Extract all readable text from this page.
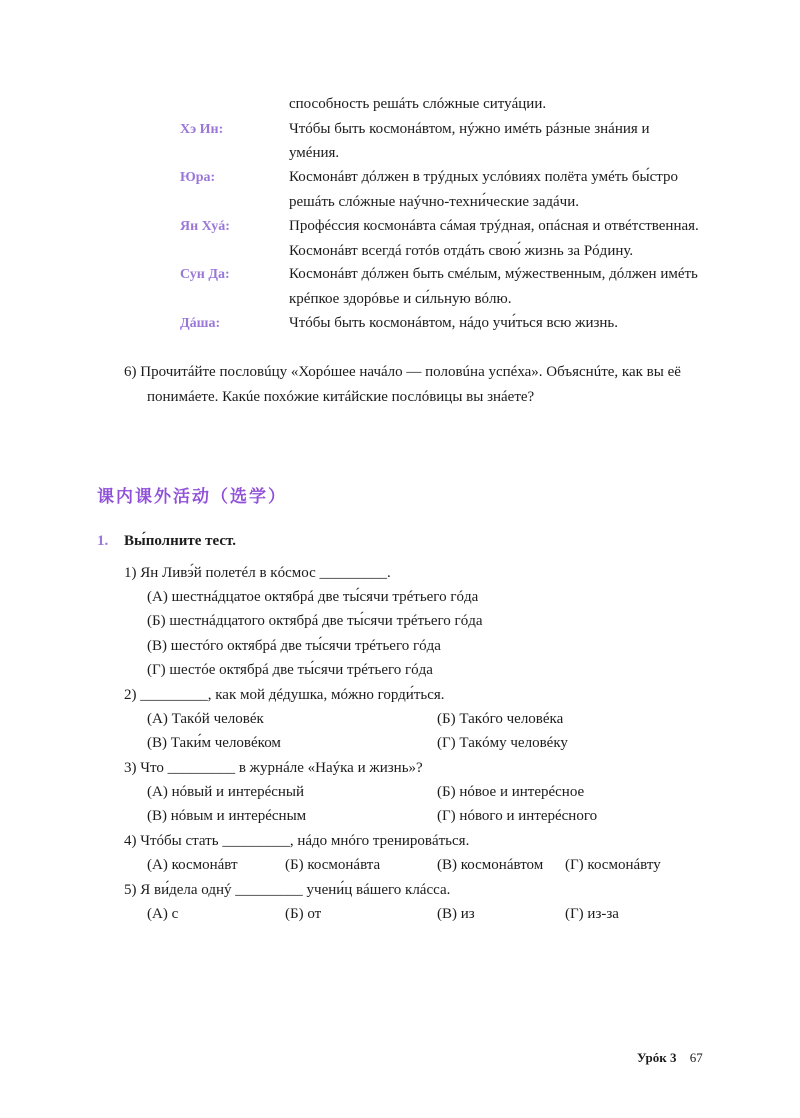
способность решáть слóжные ситуáции.
Хэ Ин:	Чтóбы быть космонáвтом, нýжно имéть рáзные знáния и
умéния.
Юра:	Космонáвт дóлжен в трýдных услóвиях полёта умéть бы́стро
решáть слóжные наýчно-техни́ческие задáчи.
Ян Хуá:	Профéссия космонáвта сáмая трýдная, опáсная и отвéтственная.
Космонáвт всегдá готóв отдáть свою́ жизнь за Рóдину.
Сун Да:	Космонáвт дóлжен быть смéлым, мýжественным, дóлжен имéть
крéпкое здорóвье и си́льную вóлю.
Дáша:	Чтóбы быть космонáвтом, нáдо учи́ться всю жизнь.
6) Прочитáйте пословúцу «Хорóшее начáло — половúна успéха». Объяснúте, как вы её
понимáете. Какúе похóжие китáйские послóвицы вы знáете?
课内课外活动（选学）
1. Вы́полните тест.
1) Ян Ливэ́й полетéл в кóсмос _________.
(А) шестнáдцатое октябрá две ты́сячи трéтьего гóда
(Б) шестнáдцатого октябрá две ты́сячи трéтьего гóда
(В) шестóго октябрá две ты́сячи трéтьего гóда
(Г) шестóе октябрá две ты́сячи трéтьего гóда
2) _________, как мой дéдушка, мóжно горди́ться.
(А) Такóй человéк	(Б) Такóго человéка
(В) Таки́м человéком	(Г) Такóму человéку
3) Что _________ в журнáле «Наýка и жизнь»?
(А) нóвый и интерéсный	(Б) нóвое и интерéсное
(В) нóвым и интерéсным	(Г) нóвого и интерéсного
4) Чтóбы стать _________, нáдо мнóго тренировáться.
(А) космонáвт	(Б) космонáвта	(В) космонáвтом (Г) космонáвту
5) Я ви́дела однý _________ учени́ц вáшего клáсса.
(А) с	(Б) от	(В) из	(Г) из-за
Урóк 3 67
